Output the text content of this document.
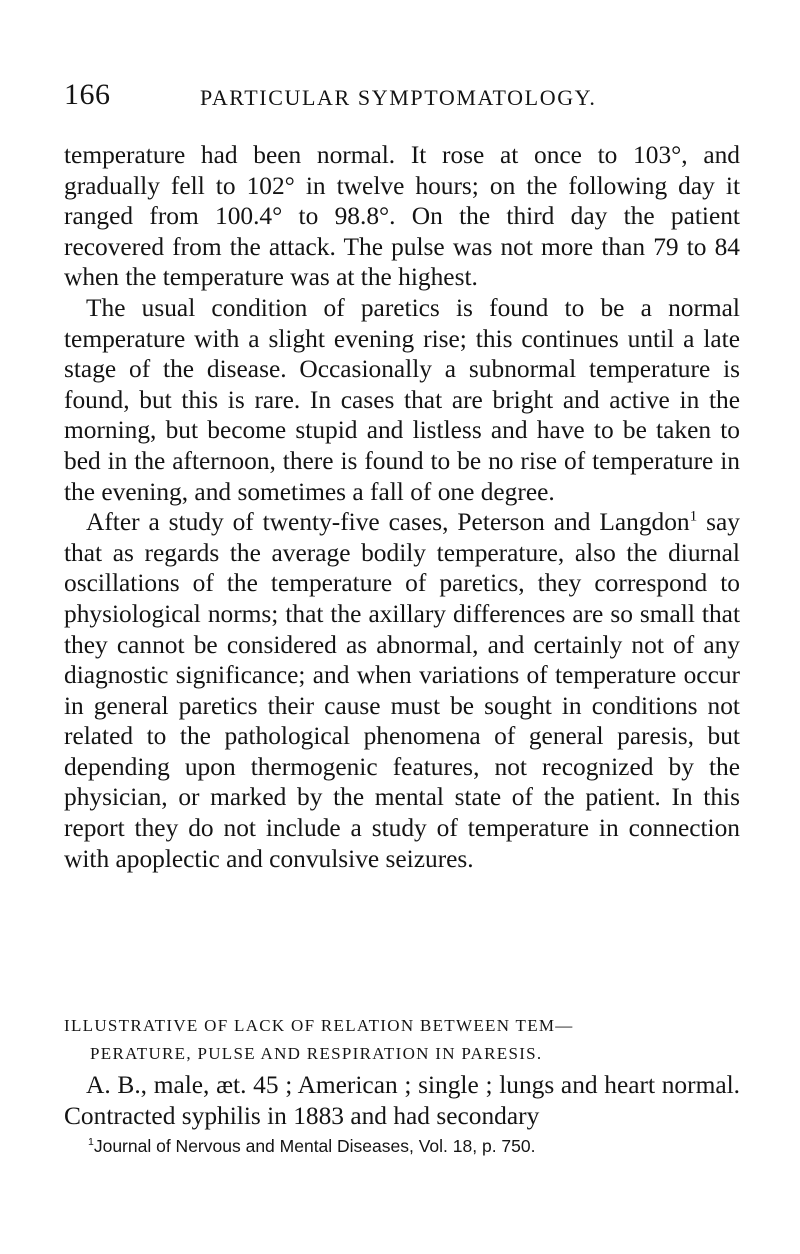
166	PARTICULAR SYMPTOMATOLOGY.

temperature had been normal. It rose at once to 103°, and gradually fell to 102° in twelve hours; on the following day it ranged from 100.4° to 98.8°. On the third day the patient recovered from the attack. The pulse was not more than 79 to 84 when the temperature was at the highest.

The usual condition of paretics is found to be a normal temperature with a slight evening rise; this continues until a late stage of the disease. Occasionally a subnormal temperature is found, but this is rare. In cases that are bright and active in the morning, but become stupid and listless and have to be taken to bed in the afternoon, there is found to be no rise of temperature in the evening, and sometimes a fall of one degree.

After a study of twenty-five cases, Peterson and Langdon$^1$ say that as regards the average bodily temperature, also the diurnal oscillations of the temperature of paretics, they correspond to physiological norms; that the axillary differences are so small that they cannot be considered as abnormal, and certainly not of any diagnostic significance; and when variations of temperature occur in general paretics their cause must be sought in conditions not related to the pathological phenomena of general paresis, but depending upon thermogenic features, not recognized by the physician, or marked by the mental state of the patient. In this report they do not include a study of temperature in connection with apoplectic and convulsive seizures.

ILLUSTRATIVE OF LACK OF RELATION BETWEEN TEM—
PERATURE, PULSE AND RESPIRATION IN PARESIS.

A. B., male, æt. 45 ; American ; single ; lungs and heart normal. Contracted syphilis in 1883 and had secondary

$^1$Journal of Nervous and Mental Diseases, Vol. 18, p. 750.
